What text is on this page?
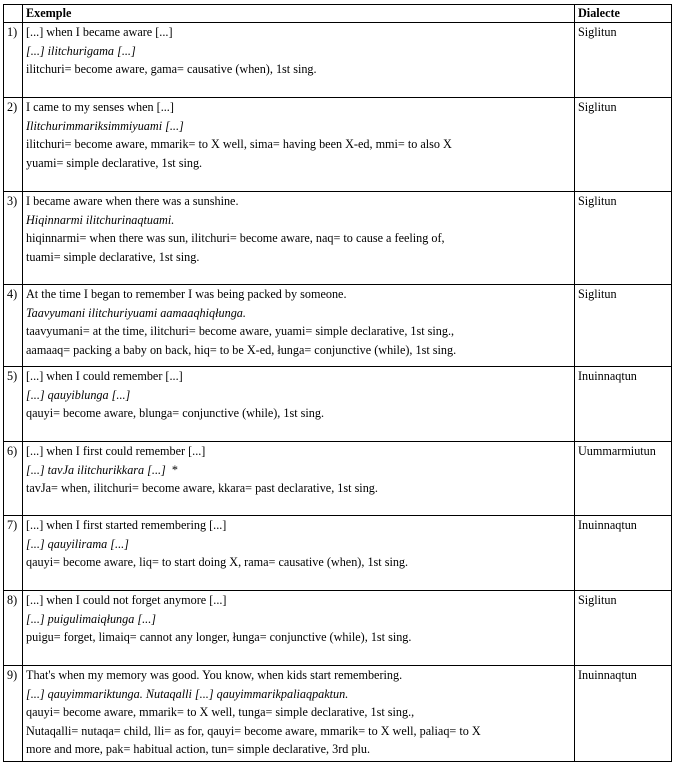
	Exemple	Dialecte
1)	[...] when I became aware [...]
[...] ilitchurigama [...]
ilitchuri= become aware, gama= causative (when), 1st sing.	Siglitun
2)	I came to my senses when [...]
Ilitchurimmariksimmiyuami [...]
ilitchuri= become aware, mmarik= to X well, sima= having been X-ed, mmi= to also X
yuami= simple declarative, 1st sing.	Siglitun
3)	I became aware when there was a sunshine.
Hiqinnarmi ilitchurinaqtuami.
hiqinnarmi= when there was sun, ilitchuri= become aware, naq= to cause a feeling of,
tuami= simple declarative, 1st sing.	Siglitun
4)	At the time I began to remember I was being packed by someone.
Taavyumani ilitchuriyuami aamaaqhiqłunga.
taavyumani= at the time, ilitchuri= become aware, yuami= simple declarative, 1st sing.,
aamaaq= packing a baby on back, hiq= to be X-ed, łunga= conjunctive (while), 1st sing.	Siglitun
5)	[...] when I could remember [...]
[...] qauyiblunga [...]
qauyi= become aware, blunga= conjunctive (while), 1st sing.	Inuinnaqtun
6)	[...] when I first could remember [...]
[...] tavJa ilitchurikkara [...] *
tavJa= when, ilitchuri= become aware, kkara= past declarative, 1st sing.	Uummarmiutun
7)	[...] when I first started remembering [...]
[...] qauyilirama [...]
qauyi= become aware, liq= to start doing X, rama= causative (when), 1st sing.	Inuinnaqtun
8)	[...] when I could not forget anymore [...]
[...] puigulimaiqłunga [...]
puigu= forget, limaiq= cannot any longer, łunga= conjunctive (while), 1st sing.	Siglitun
9)	That's when my memory was good. You know, when kids start remembering.
[...] qauyimmariktunga. Nutaqalli [...] qauyimmarikpaliaqpaktun.
qauyi= become aware, mmarik= to X well, tunga= simple declarative, 1st sing.,
Nutaqalli= nutaqa= child, lli= as for, qauyi= become aware, mmarik= to X well, paliaq= to X
more and more, pak= habitual action, tun= simple declarative, 3rd plu.	Inuinnaqtun
